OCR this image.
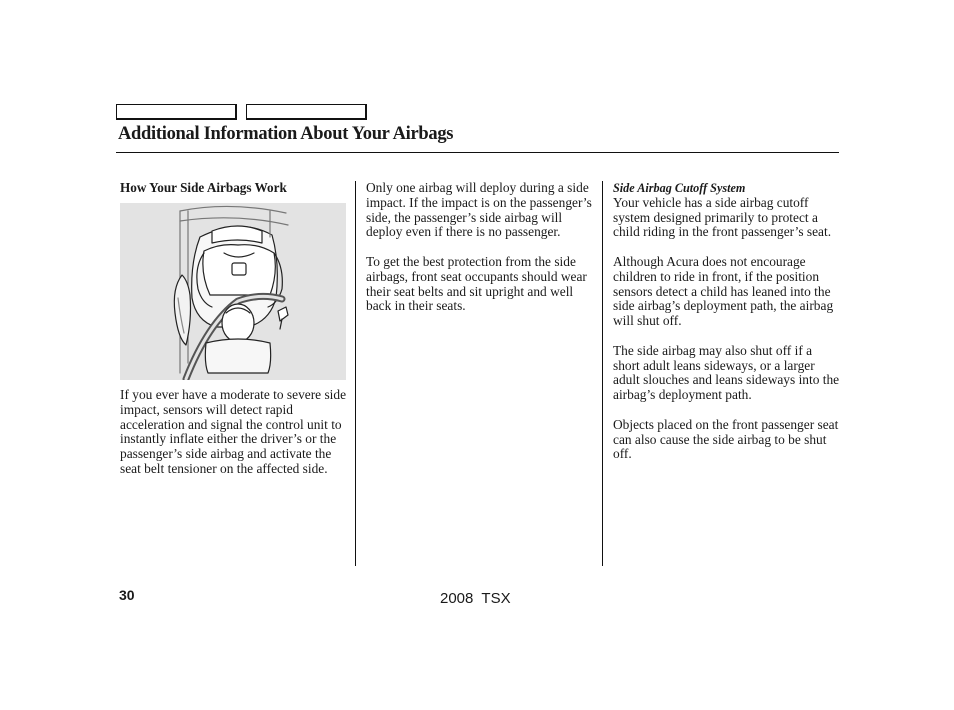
Additional Information About Your Airbags
How Your Side Airbags Work

If you ever have a moderate to severe side impact, sensors will detect rapid acceleration and signal the control unit to instantly inflate either the driver’s or the passenger’s side airbag and activate the seat belt tensioner on the affected side.

Only one airbag will deploy during a side impact. If the impact is on the passenger’s side, the passenger’s side airbag will deploy even if there is no passenger.

To get the best protection from the side airbags, front seat occupants should wear their seat belts and sit upright and well back in their seats.

Side Airbag Cutoff System

Your vehicle has a side airbag cutoff system designed primarily to protect a child riding in the front passenger’s seat.

Although Acura does not encourage children to ride in front, if the position sensors detect a child has leaned into the side airbag’s deployment path, the airbag will shut off.

The side airbag may also shut off if a short adult leans sideways, or a larger adult slouches and leans sideways into the airbag’s deployment path.

Objects placed on the front passenger seat can also cause the side airbag to be shut off.

30	2008  TSX
